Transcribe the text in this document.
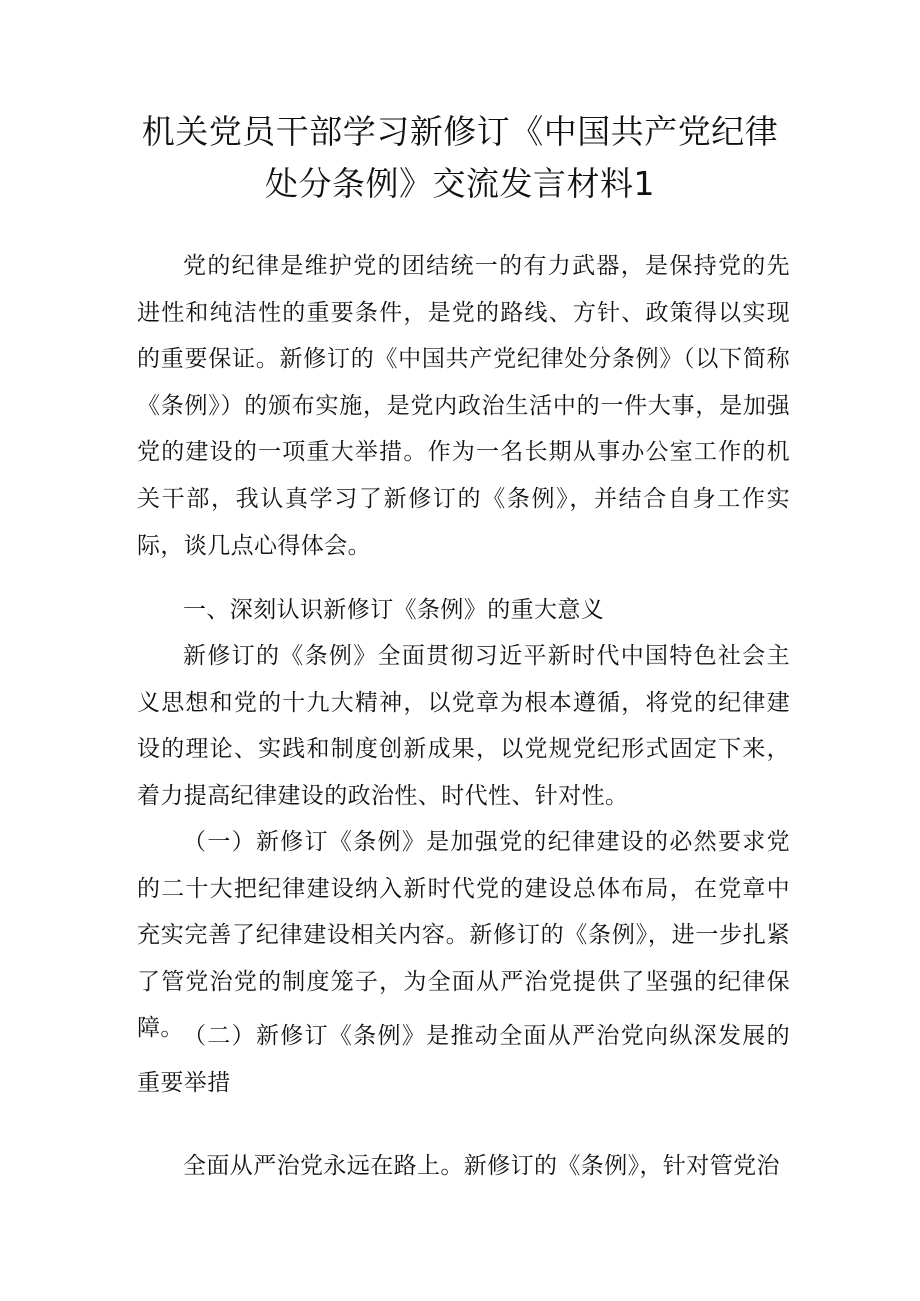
机关党员干部学习新修订《中国共产党纪律
处分条例》交流发言材料1

党的纪律是维护党的团结统一的有力武器，是保持党的先进性和纯洁性的重要条件，是党的路线、方针、政策得以实现的重要保证。新修订的《中国共产党纪律处分条例》（以下简称《条例》）的颁布实施，是党内政治生活中的一件大事，是加强党的建设的一项重大举措。作为一名长期从事办公室工作的机关干部，我认真学习了新修订的《条例》，并结合自身工作实际，谈几点心得体会。

一、深刻认识新修订《条例》的重大意义

新修订的《条例》全面贯彻习近平新时代中国特色社会主义思想和党的十九大精神，以党章为根本遵循，将党的纪律建设的理论、实践和制度创新成果，以党规党纪形式固定下来，着力提高纪律建设的政治性、时代性、针对性。

（一）新修订《条例》是加强党的纪律建设的必然要求党的二十大把纪律建设纳入新时代党的建设总体布局，在党章中充实完善了纪律建设相关内容。新修订的《条例》，进一步扎紧了管党治党的制度笼子，为全面从严治党提供了坚强的纪律保障。 （二）新修订《条例》是推动全面从严治党向纵深发展的重要举措

全面从严治党永远在路上。新修订的《条例》，针对管党治
